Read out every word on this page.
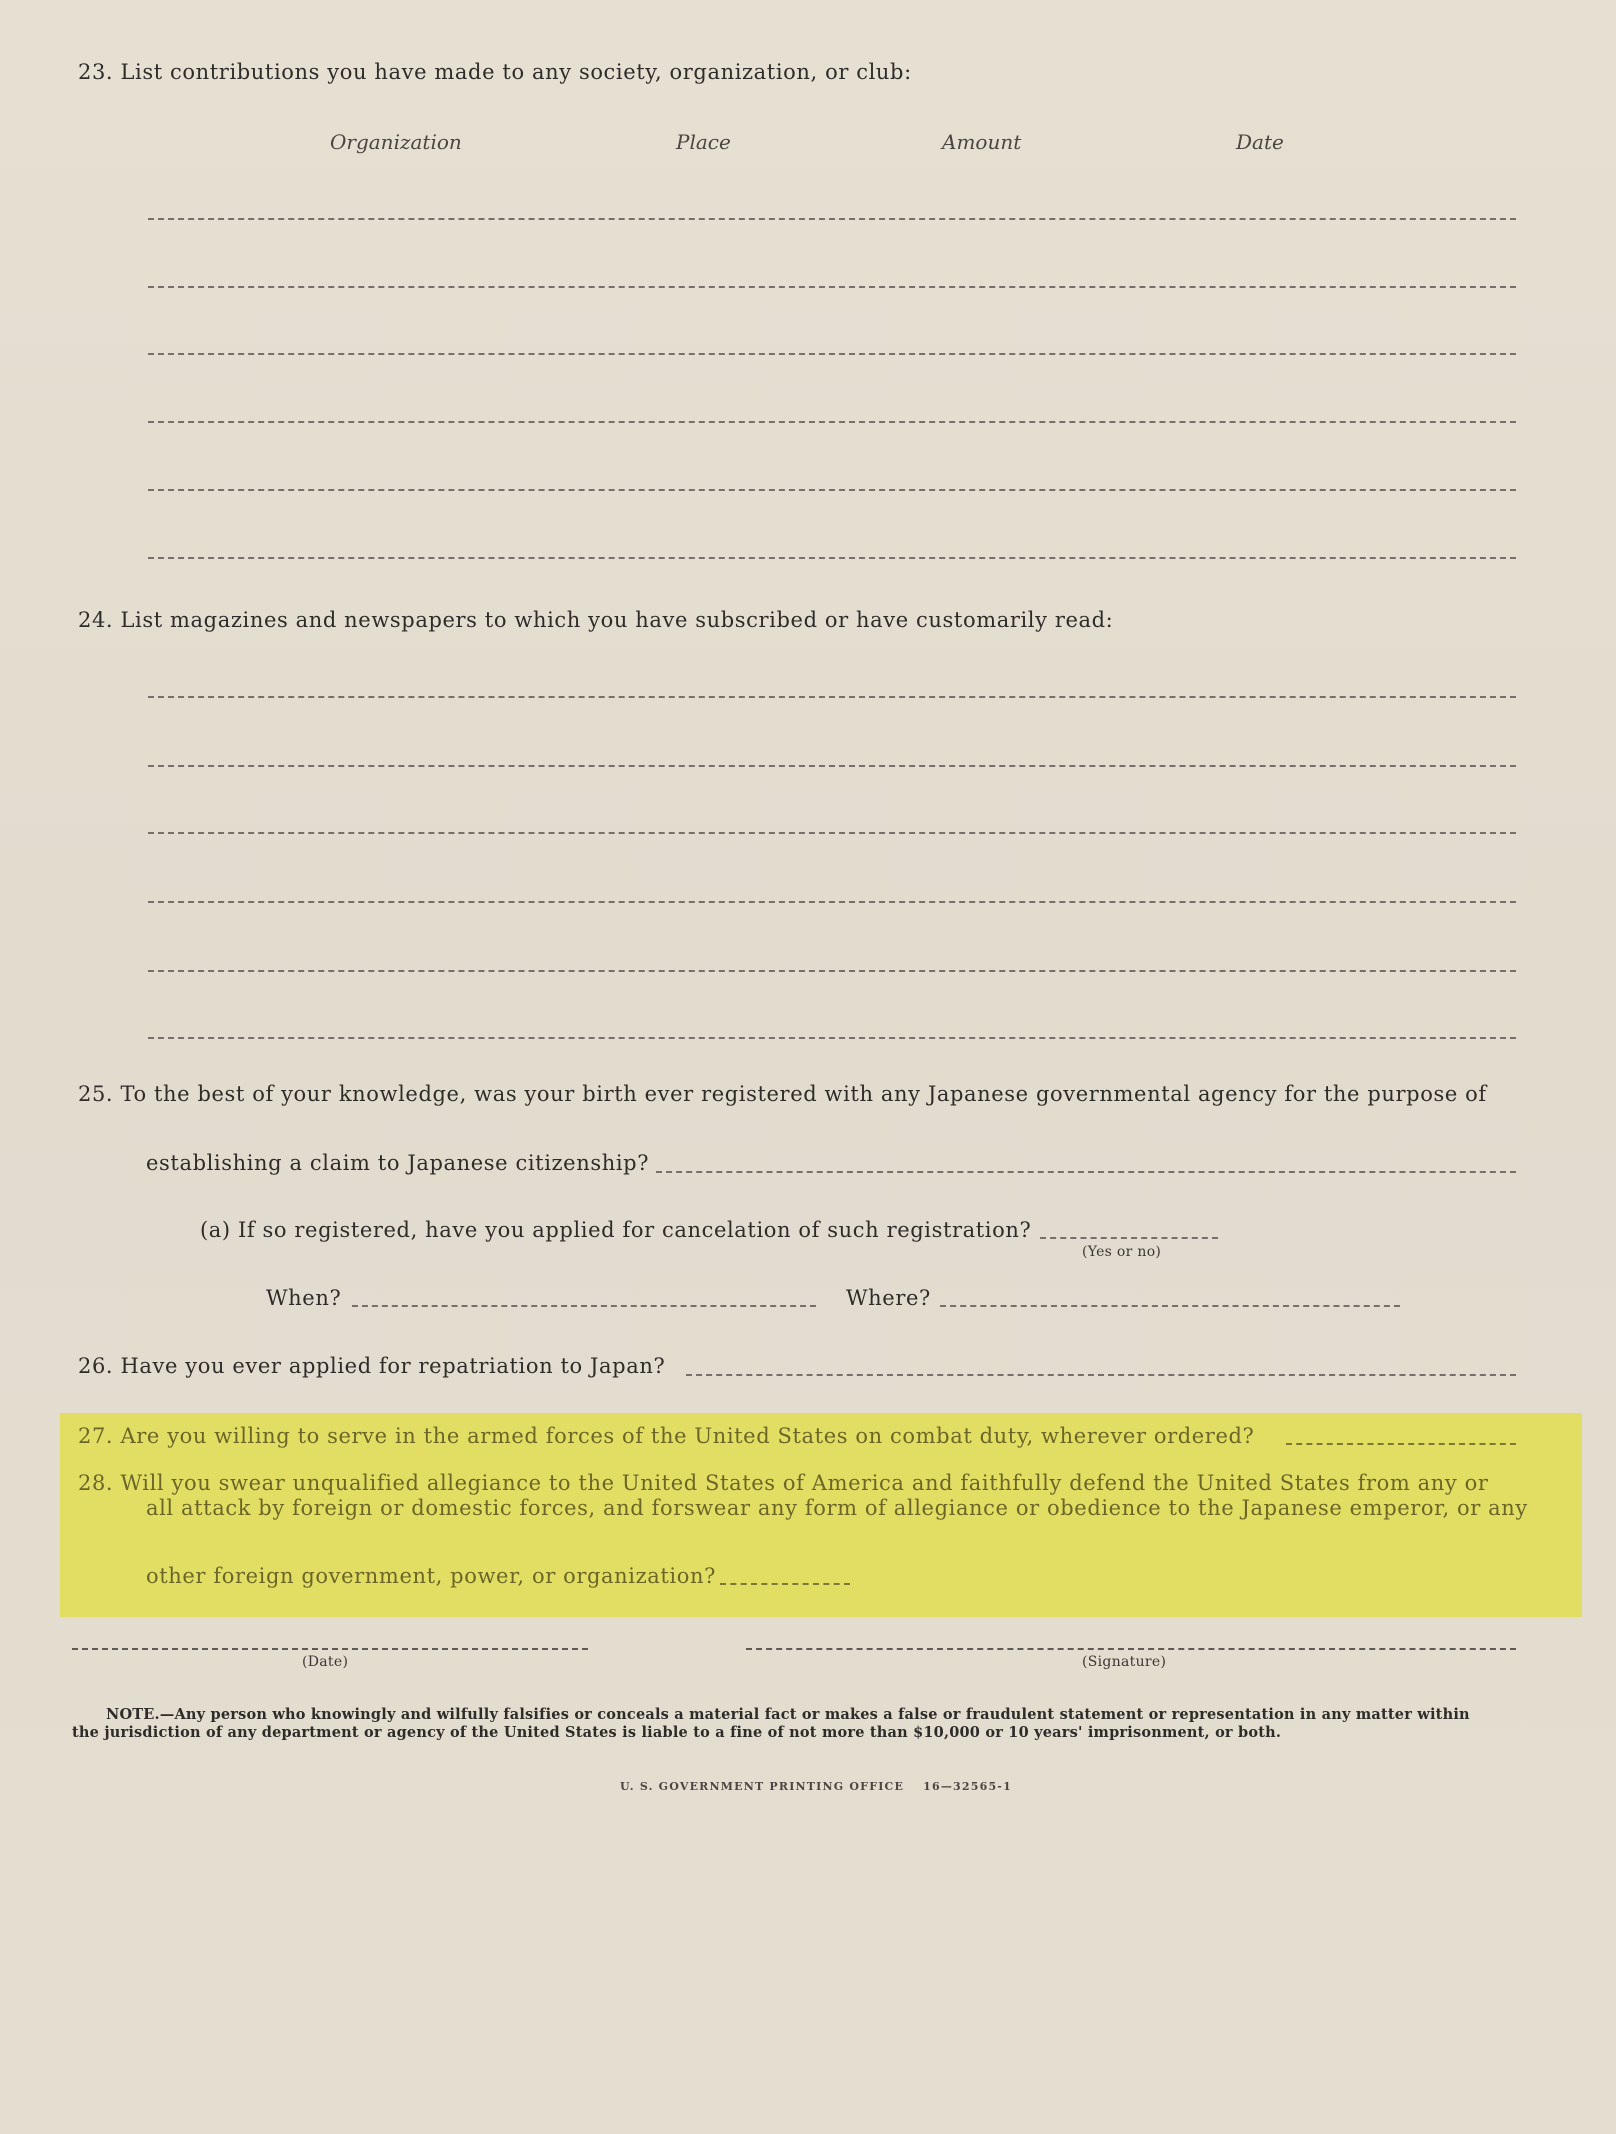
23. List contributions you have made to any society, organization, or club:
Organization	Place	Amount	Date
24. List magazines and newspapers to which you have subscribed or have customarily read:
25. To the best of your knowledge, was your birth ever registered with any Japanese governmental agency for the purpose of
establishing a claim to Japanese citizenship?
(a) If so registered, have you applied for cancelation of such registration?
(Yes or no)
When?	Where?
26. Have you ever applied for repatriation to Japan?
27. Are you willing to serve in the armed forces of the United States on combat duty, wherever ordered?
28. Will you swear unqualified allegiance to the United States of America and faithfully defend the United States from any or
all attack by foreign or domestic forces, and forswear any form of allegiance or obedience to the Japanese emperor, or any
other foreign government, power, or organization?
(Date)	(Signature)
NOTE.—Any person who knowingly and wilfully falsifies or conceals a material fact or makes a false or fraudulent statement or representation in any matter within
the jurisdiction of any department or agency of the United States is liable to a fine of not more than $10,000 or 10 years' imprisonment, or both.
U. S. GOVERNMENT PRINTING OFFICE 16—32565-1
